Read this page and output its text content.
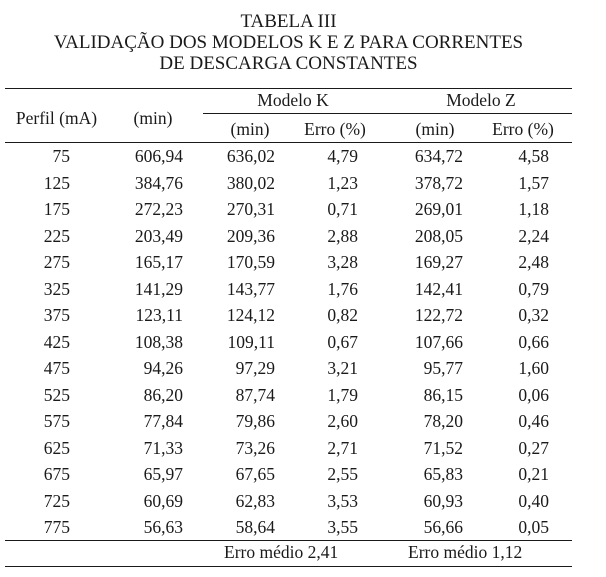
TABELA III
VALIDAÇÃO DOS MODELOS K E Z PARA CORRENTES
DE DESCARGA CONSTANTES
Perfil (mA)	(min)
Modelo K	Modelo Z
(min)	Erro (%)	(min)	Erro (%)
75	606,94	636,02	4,79	634,72	4,58
125	384,76	380,02	1,23	378,72	1,57
175	272,23	270,31	0,71	269,01	1,18
225	203,49	209,36	2,88	208,05	2,24
275	165,17	170,59	3,28	169,27	2,48
325	141,29	143,77	1,76	142,41	0,79
375	123,11	124,12	0,82	122,72	0,32
425	108,38	109,11	0,67	107,66	0,66
475	94,26	97,29	3,21	95,77	1,60
525	86,20	87,74	1,79	86,15	0,06
575	77,84	79,86	2,60	78,20	0,46
625	71,33	73,26	2,71	71,52	0,27
675	65,97	67,65	2,55	65,83	0,21
725	60,69	62,83	3,53	60,93	0,40
775	56,63	58,64	3,55	56,66	0,05
Erro médio 2,41	Erro médio 1,12
